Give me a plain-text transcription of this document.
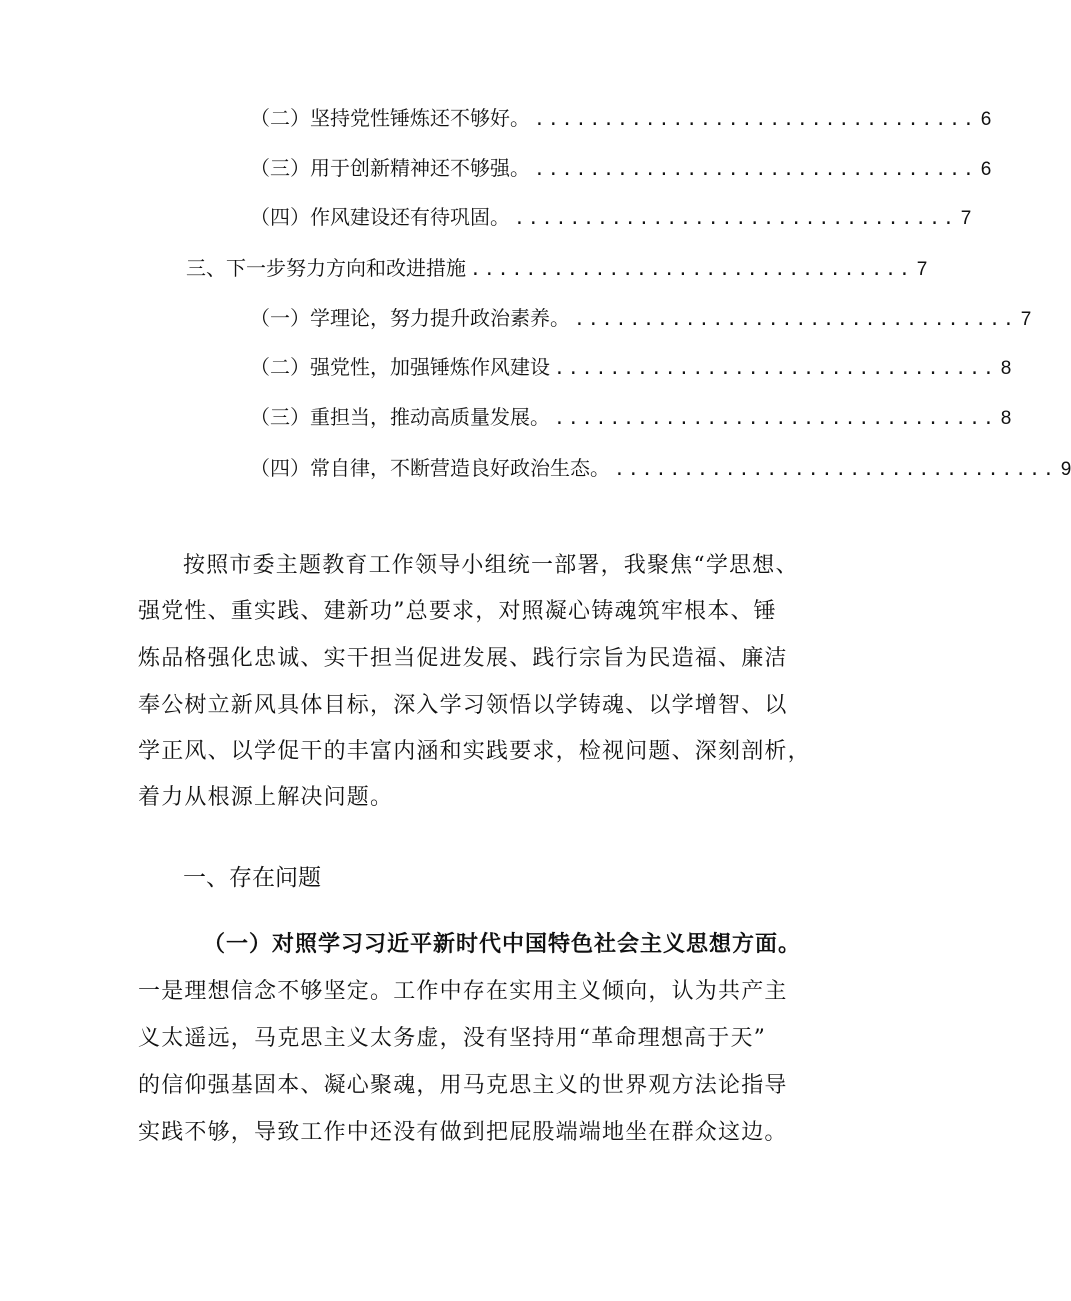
（二）坚持党性锤炼还不够好。 ................................ 6
（三）用于创新精神还不够强。 ................................ 6
（四）作风建设还有待巩固。 ................................ 7
三、下一步努力方向和改进措施 ................................ 7
（一）学理论，努力提升政治素养。 ................................ 7
（二）强党性，加强锤炼作风建设 ................................ 8
（三）重担当，推动高质量发展。 ................................ 8
（四）常自律，不断营造良好政治生态。 ................................ 9
按照市委主题教育工作领导小组统一部署，我聚焦“学思想、
强党性、重实践、建新功”总要求，对照凝心铸魂筑牢根本、锤
炼品格强化忠诚、实干担当促进发展、践行宗旨为民造福、廉洁
奉公树立新风具体目标，深入学习领悟以学铸魂、以学增智、以
学正风、以学促干的丰富内涵和实践要求，检视问题、深刻剖析，
着力从根源上解决问题。
一、存在问题
（一）对照学习习近平新时代中国特色社会主义思想方面。
一是理想信念不够坚定。工作中存在实用主义倾向，认为共产主
义太遥远，马克思主义太务虚，没有坚持用“革命理想高于天”
的信仰强基固本、凝心聚魂，用马克思主义的世界观方法论指导
实践不够，导致工作中还没有做到把屁股端端地坐在群众这边。
